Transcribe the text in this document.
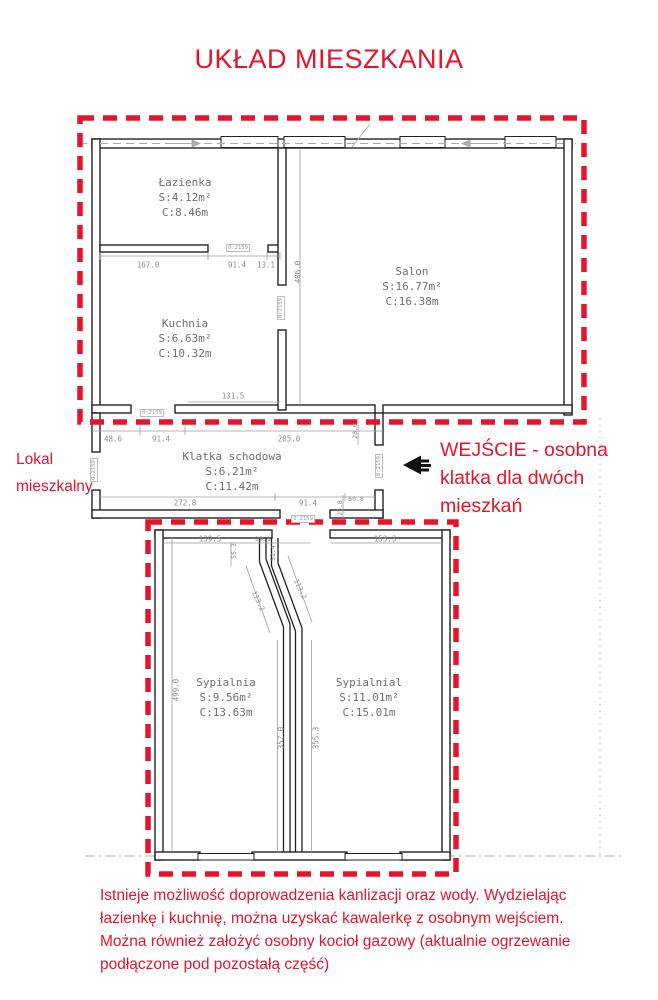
Łazienka
S:4.12m²
C:8.46m
Salon
S:16.77m²
C:16.38m
Kuchnia
S:6.63m²
C:10.32m
Klatka schodowa
S:6.21m²
C:11.42m
Sypialnia
S:9.56m²
C:13.63m
Sypialnial
S:11.01m²
C:15.01m
167.0	91.4 13.1 406.0
131.5
48.6	91.4	285.0
28.0
272.8	91.4	60.8
25.8
139.5
55.3
29.1
52.4
153.3
113.2
113.2
499.0
352.0	355.3
0:2159
0:2159
0:2159
0:2159	0:2159
0:2159
UKŁAD MIESZKANIA
Lokal mieszkalny
WEJŚCIE - osobna klatka dla dwóch mieszkań
Istnieje możliwość doprowadzenia kanlizacji oraz wody. Wydzielając łazienkę i kuchnię, można uzyskać kawalerkę z osobnym wejściem. Można również założyć osobny kocioł gazowy (aktualnie ogrzewanie podłączone pod pozostałą część)
